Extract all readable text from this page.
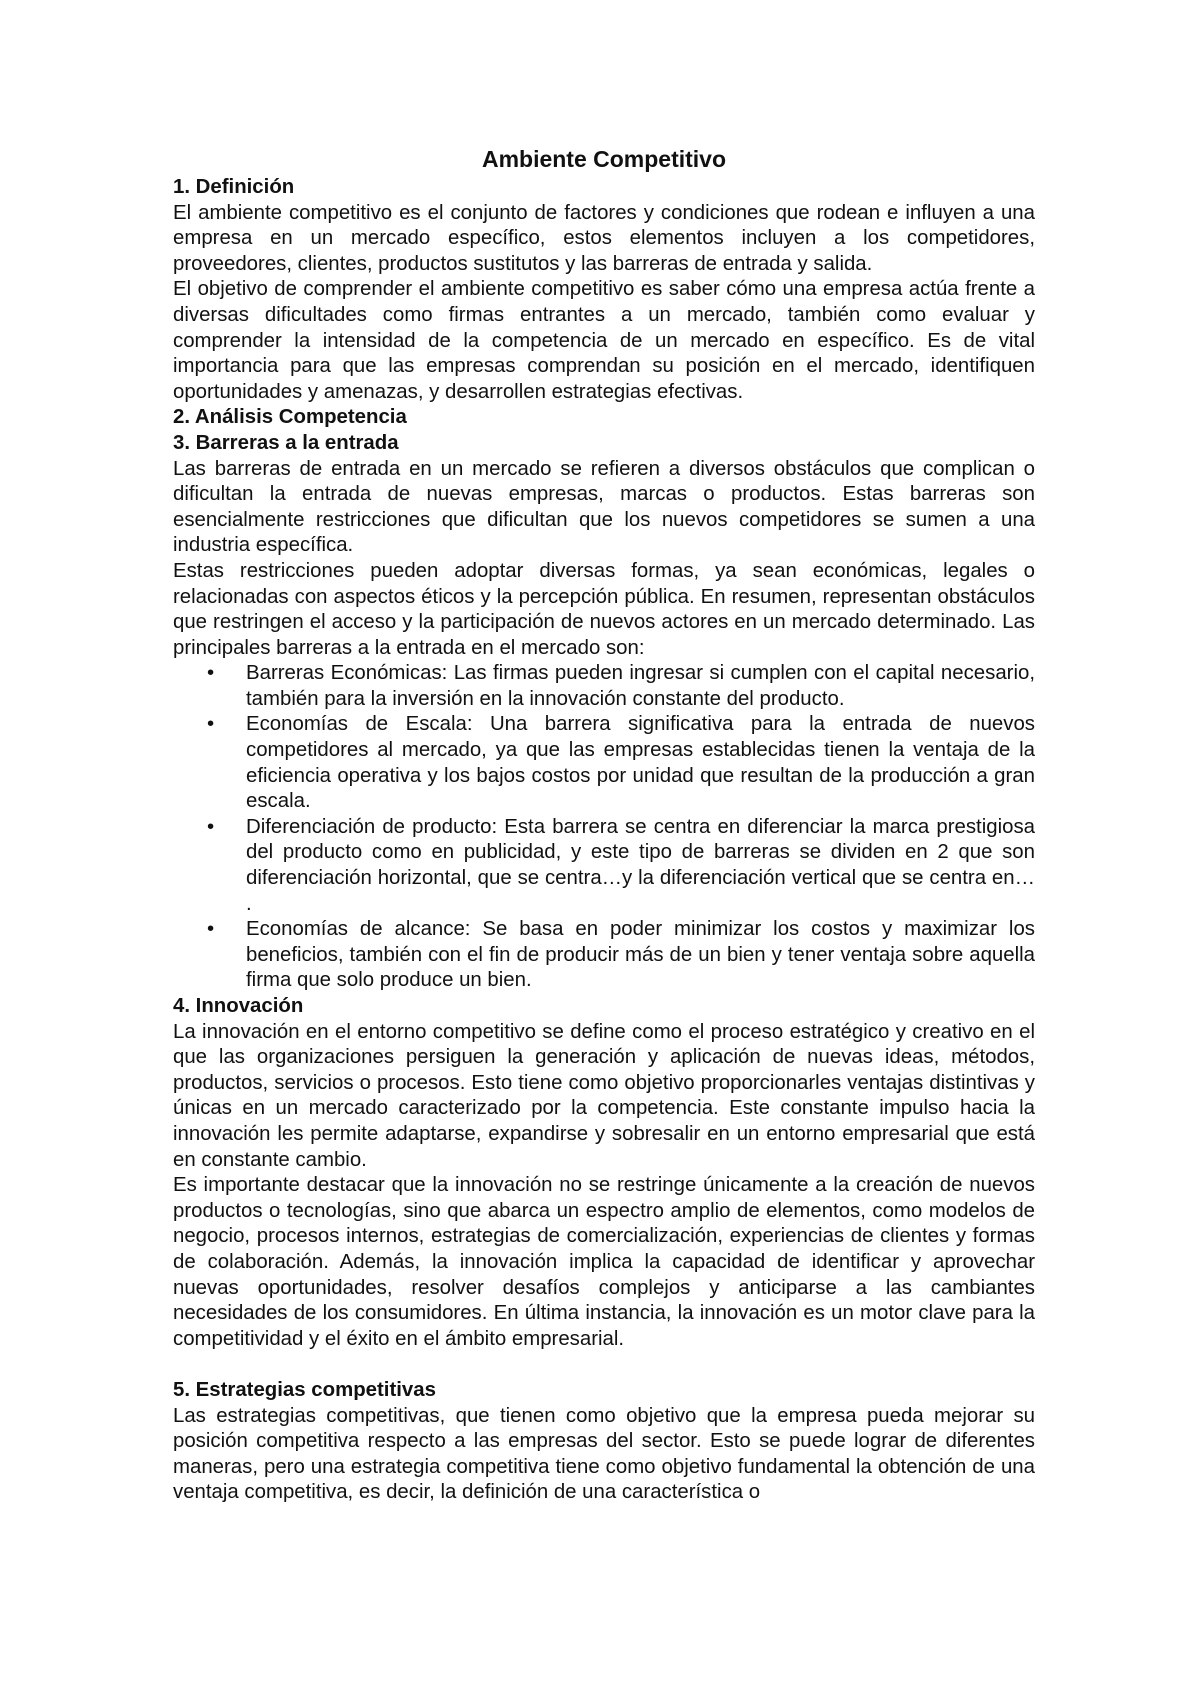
Ambiente Competitivo
1. Definición

El ambiente competitivo es el conjunto de factores y condiciones que rodean e influyen a una empresa en un mercado específico, estos elementos incluyen a los competidores, proveedores, clientes, productos sustitutos y las barreras de entrada y salida.

El objetivo de comprender el ambiente competitivo es saber cómo una empresa actúa frente a diversas dificultades como firmas entrantes a un mercado, también como evaluar y comprender la intensidad de la competencia de un mercado en específico. Es de vital importancia para que las empresas comprendan su posición en el mercado, identifiquen oportunidades y amenazas, y desarrollen estrategias efectivas.

2. Análisis Competencia
3. Barreras a la entrada

Las barreras de entrada en un mercado se refieren a diversos obstáculos que complican o dificultan la entrada de nuevas empresas, marcas o productos. Estas barreras son esencialmente restricciones que dificultan que los nuevos competidores se sumen a una industria específica.

Estas restricciones pueden adoptar diversas formas, ya sean económicas, legales o relacionadas con aspectos éticos y la percepción pública. En resumen, representan obstáculos que restringen el acceso y la participación de nuevos actores en un mercado determinado. Las principales barreras a la entrada en el mercado son:

• Barreras Económicas: Las firmas pueden ingresar si cumplen con el capital necesario, también para la inversión en la innovación constante del producto.
• Economías de Escala: Una barrera significativa para la entrada de nuevos competidores al mercado, ya que las empresas establecidas tienen la ventaja de la eficiencia operativa y los bajos costos por unidad que resultan de la producción a gran escala.
• Diferenciación de producto: Esta barrera se centra en diferenciar la marca prestigiosa del producto como en publicidad, y este tipo de barreras se dividen en 2 que son diferenciación horizontal, que se centra…y la diferenciación vertical que se centra en… .
• Economías de alcance: Se basa en poder minimizar los costos y maximizar los beneficios, también con el fin de producir más de un bien y tener ventaja sobre aquella firma que solo produce un bien.
4. Innovación

La innovación en el entorno competitivo se define como el proceso estratégico y creativo en el que las organizaciones persiguen la generación y aplicación de nuevas ideas, métodos, productos, servicios o procesos. Esto tiene como objetivo proporcionarles ventajas distintivas y únicas en un mercado caracterizado por la competencia. Este constante impulso hacia la innovación les permite adaptarse, expandirse y sobresalir en un entorno empresarial que está en constante cambio.

Es importante destacar que la innovación no se restringe únicamente a la creación de nuevos productos o tecnologías, sino que abarca un espectro amplio de elementos, como modelos de negocio, procesos internos, estrategias de comercialización, experiencias de clientes y formas de colaboración. Además, la innovación implica la capacidad de identificar y aprovechar nuevas oportunidades, resolver desafíos complejos y anticiparse a las cambiantes necesidades de los consumidores. En última instancia, la innovación es un motor clave para la competitividad y el éxito en el ámbito empresarial.

5. Estrategias competitivas

Las estrategias competitivas, que tienen como objetivo que la empresa pueda mejorar su posición competitiva respecto a las empresas del sector. Esto se puede lograr de diferentes maneras, pero una estrategia competitiva tiene como objetivo fundamental la obtención de una ventaja competitiva, es decir, la definición de una característica o
